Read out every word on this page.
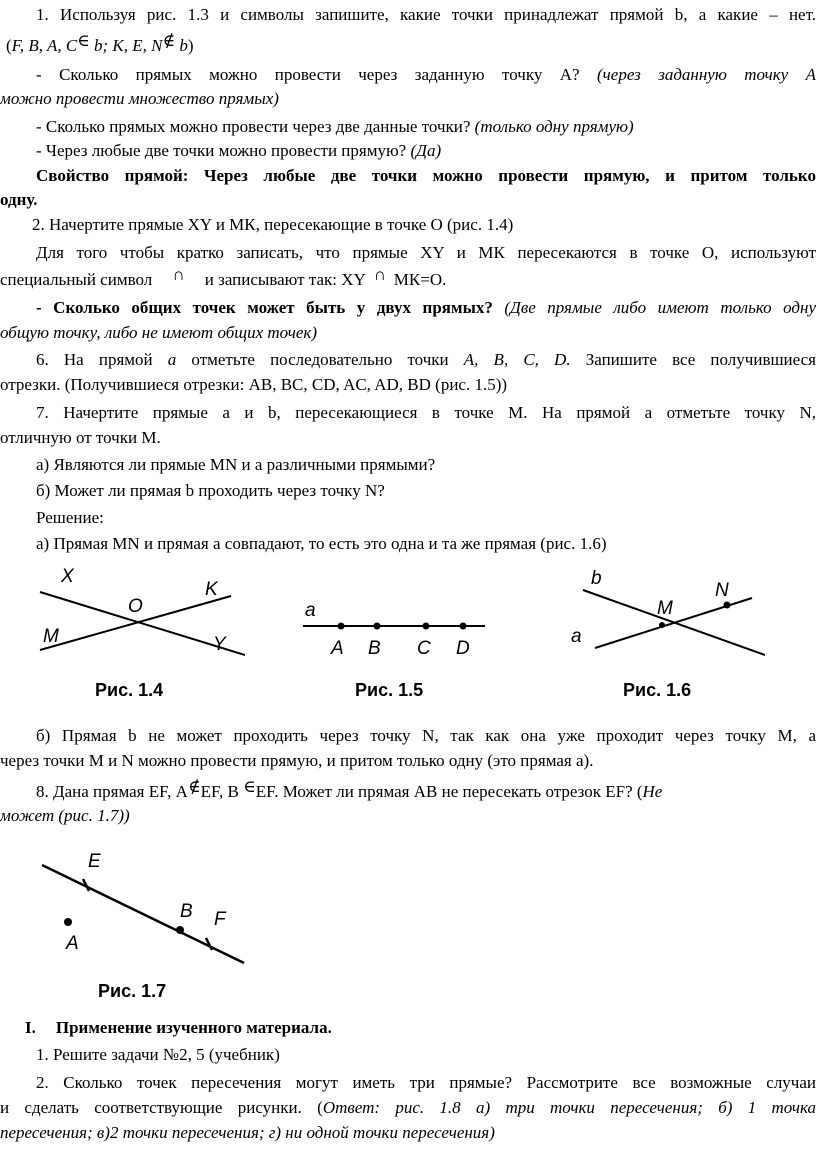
1. Используя рис. 1.3 и символы запишите, какие точки принадлежат прямой b, а какие – нет.
(F, B, A, C∈ b; K, E, N∉ b)
- Сколько прямых можно провести через заданную точку А? (через заданную точку А
можно провести множество прямых)
- Сколько прямых можно провести через две данные точки? (только одну прямую)
- Через любые две точки можно провести прямую? (Да)
Свойство прямой: Через любые две точки можно провести прямую, и притом только
одну.
2. Начертите прямые XY и МК, пересекающие в точке О (рис. 1.4)
Для того чтобы кратко записать, что прямые XY и МК пересекаются в точке О, используют
специальный символ ∩ и записывают так: XY ∩ МК=О.
- Сколько общих точек может быть у двух прямых? (Две прямые либо имеют только одну
общую точку, либо не имеют общих точек)
6. На прямой a отметьте последовательно точки A, B, C, D. Запишите все получившиеся
отрезки. (Получившиеся отрезки: АВ, ВС, CD, AC, AD, BD (рис. 1.5))
7. Начертите прямые а и b, пересекающиеся в точке М. На прямой а отметьте точку N,
отличную от точки М.
а) Являются ли прямые MN и а различными прямыми?
б) Может ли прямая b проходить через точку N?
Решение:
а) Прямая MN и прямая а совпадают, то есть это одна и та же прямая (рис. 1.6)
X
K
O
M	Y
Рис. 1.4
a
A B C D
Рис. 1.5
b
N
M
a
Рис. 1.6
б) Прямая b не может проходить через точку N, так как она уже проходит через точку М, а
через точки М и N можно провести прямую, и притом только одну (это прямая а).
8. Дана прямая EF, А∉EF, B ∈EF. Может ли прямая АВ не пересекать отрезок EF? (Не
может (рис. 1.7))
E
B F
A
Рис. 1.7
I. Применение изученного материала.
1. Решите задачи №2, 5 (учебник)
2. Сколько точек пересечения могут иметь три прямые? Рассмотрите все возможные случаи
и сделать соответствующие рисунки. (Ответ: рис. 1.8 а) три точки пересечения; б) 1 точка
пересечения; в)2 точки пересечения; г) ни одной точки пересечения)
